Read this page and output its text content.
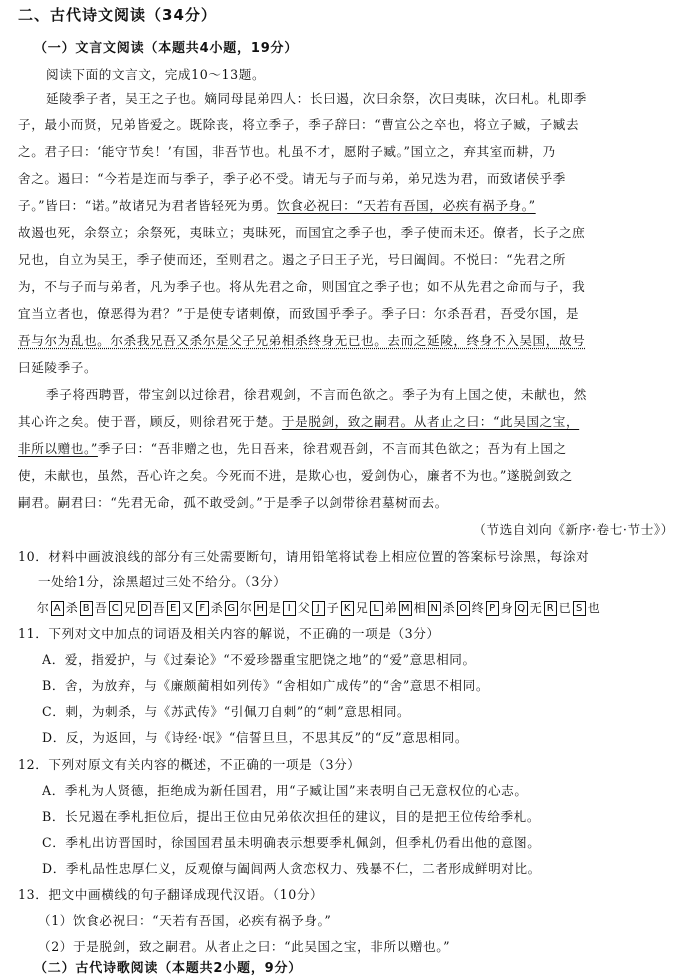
二、古代诗文阅读（34分）
（一）文言文阅读（本题共4小题，19分）
阅读下面的文言文，完成10～13题。
延陵季子者，吴王之子也。嫡同母昆弟四人：长曰遏，次曰余祭，次曰夷昧，次曰札。札即季
子，最小而贤，兄弟皆爱之。既除丧，将立季子，季子辞曰：“曹宣公之卒也，将立子臧，子臧去
之。君子曰：‘能守节矣！’有国，非吾节也。札虽不才，愿附子臧。”国立之，弃其室而耕，乃
舍之。遏曰：“今若是迮而与季子，季子必不受。请无与子而与弟，弟兄迭为君，而致诸侯乎季
子。”皆曰：“诺。”故诸兄为君者皆轻死为勇。饮食必祝曰：“天若有吾国，必疾有祸予身。”
故遏也死，余祭立；余祭死，夷昧立；夷昧死，而国宜之季子也，季子使而未还。僚者，长子之庶
兄也，自立为吴王，季子使而还，至则君之。遏之子曰王子光，号曰阖闾。不悦曰：“先君之所
为，不与子而与弟者，凡为季子也。将从先君之命，则国宜之季子也；如不从先君之命而与子，我
宜当立者也，僚恶得为君？”于是使专诸刺僚，而致国乎季子。季子曰：尔杀吾君，吾受尔国，是
吾与尔为乱也。尔杀我兄吾又杀尔是父子兄弟相杀终身无已也。去而之延陵，终身不入吴国，故号
曰延陵季子。
季子将西聘晋，带宝剑以过徐君，徐君观剑，不言而色欲之。季子为有上国之使，未献也，然
其心许之矣。使于晋，顾反，则徐君死于楚。于是脱剑，致之嗣君。从者止之曰：“此吴国之宝，
非所以赠也。”季子曰：“吾非赠之也，先日吾来，徐君观吾剑，不言而其色欲之；吾为有上国之
使，未献也，虽然，吾心许之矣。今死而不进，是欺心也，爱剑伪心，廉者不为也。”遂脱剑致之
嗣君。嗣君曰：“先君无命，孤不敢受剑。”于是季子以剑带徐君墓树而去。
（节选自刘向《新序·卷七·节士》）
10．材料中画波浪线的部分有三处需要断句，请用铅笔将试卷上相应位置的答案标号涂黑，每涂对
一处给1分，涂黑超过三处不给分。（3分）
尔 A 杀 B 吾 C 兄 D 吾 E 又 F 杀 G 尔 H 是 I 父 J 子 K 兄 L 弟 M 相 N 杀 O 终 P 身 Q 无 R 已 S 也
11．下列对文中加点的词语及相关内容的解说，不正确的一项是（3分）
A．爱，指爱护，与《过秦论》“不爱珍器重宝肥饶之地”的“爱”意思相同。
B．舍，为放弃，与《廉颇蔺相如列传》“舍相如广成传”的“舍”意思不相同。
C．刺，为刺杀，与《苏武传》“引佩刀自刺”的“刺”意思相同。
D．反，为返回，与《诗经·氓》“信誓旦旦，不思其反”的“反”意思相同。
12．下列对原文有关内容的概述，不正确的一项是（3分）
A．季札为人贤德，拒绝成为新任国君，用“子臧让国”来表明自己无意权位的心志。
B．长兄遏在季札拒位后，提出王位由兄弟依次担任的建议，目的是把王位传给季札。
C．季札出访晋国时，徐国国君虽未明确表示想要季札佩剑，但季札仍看出他的意图。
D．季札品性忠厚仁义，反观僚与阖闾两人贪恋权力、残暴不仁，二者形成鲜明对比。
13．把文中画横线的句子翻译成现代汉语。（10分）
（1）饮食必祝曰：“天若有吾国，必疾有祸予身。”
（2）于是脱剑，致之嗣君。从者止之曰：“此吴国之宝，非所以赠也。”
（二）古代诗歌阅读（本题共2小题，9分）
